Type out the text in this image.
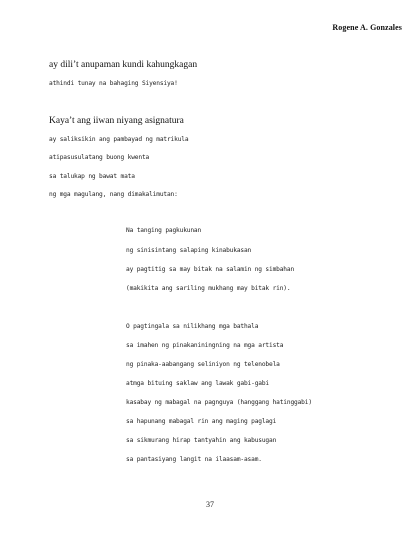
Rogene A. Gonzales
ay dili’t anupaman kundi kahungkagan
athindi tunay na bahaging Siyensiya!
Kaya’t ang iiwan niyang asignatura
ay saliksikin ang pambayad ng matrikula
atipasusulatang buong kwenta
sa talukap ng bawat mata
ng mga magulang, nang dimakalimutan:
Na tanging pagkukunan
ng sinisintang salaping kinabukasan
ay pagtitig sa may bitak na salamin ng simbahan
(makikita ang sariling mukhang may bitak rin).
O pagtingala sa nilikhang mga bathala
sa imahen ng pinakaniningning na mga artista
ng pinaka-aabangang seliniyon ng telenobela
atmga bituing saklaw ang lawak gabi-gabi
kasabay ng mabagal na pagnguya (hanggang hatinggabi)
sa hapunang mabagal rin ang maging paglagi
sa sikmurang hirap tantyahin ang kabusugan
sa pantasiyang langit na ilaasam-asam.
37
